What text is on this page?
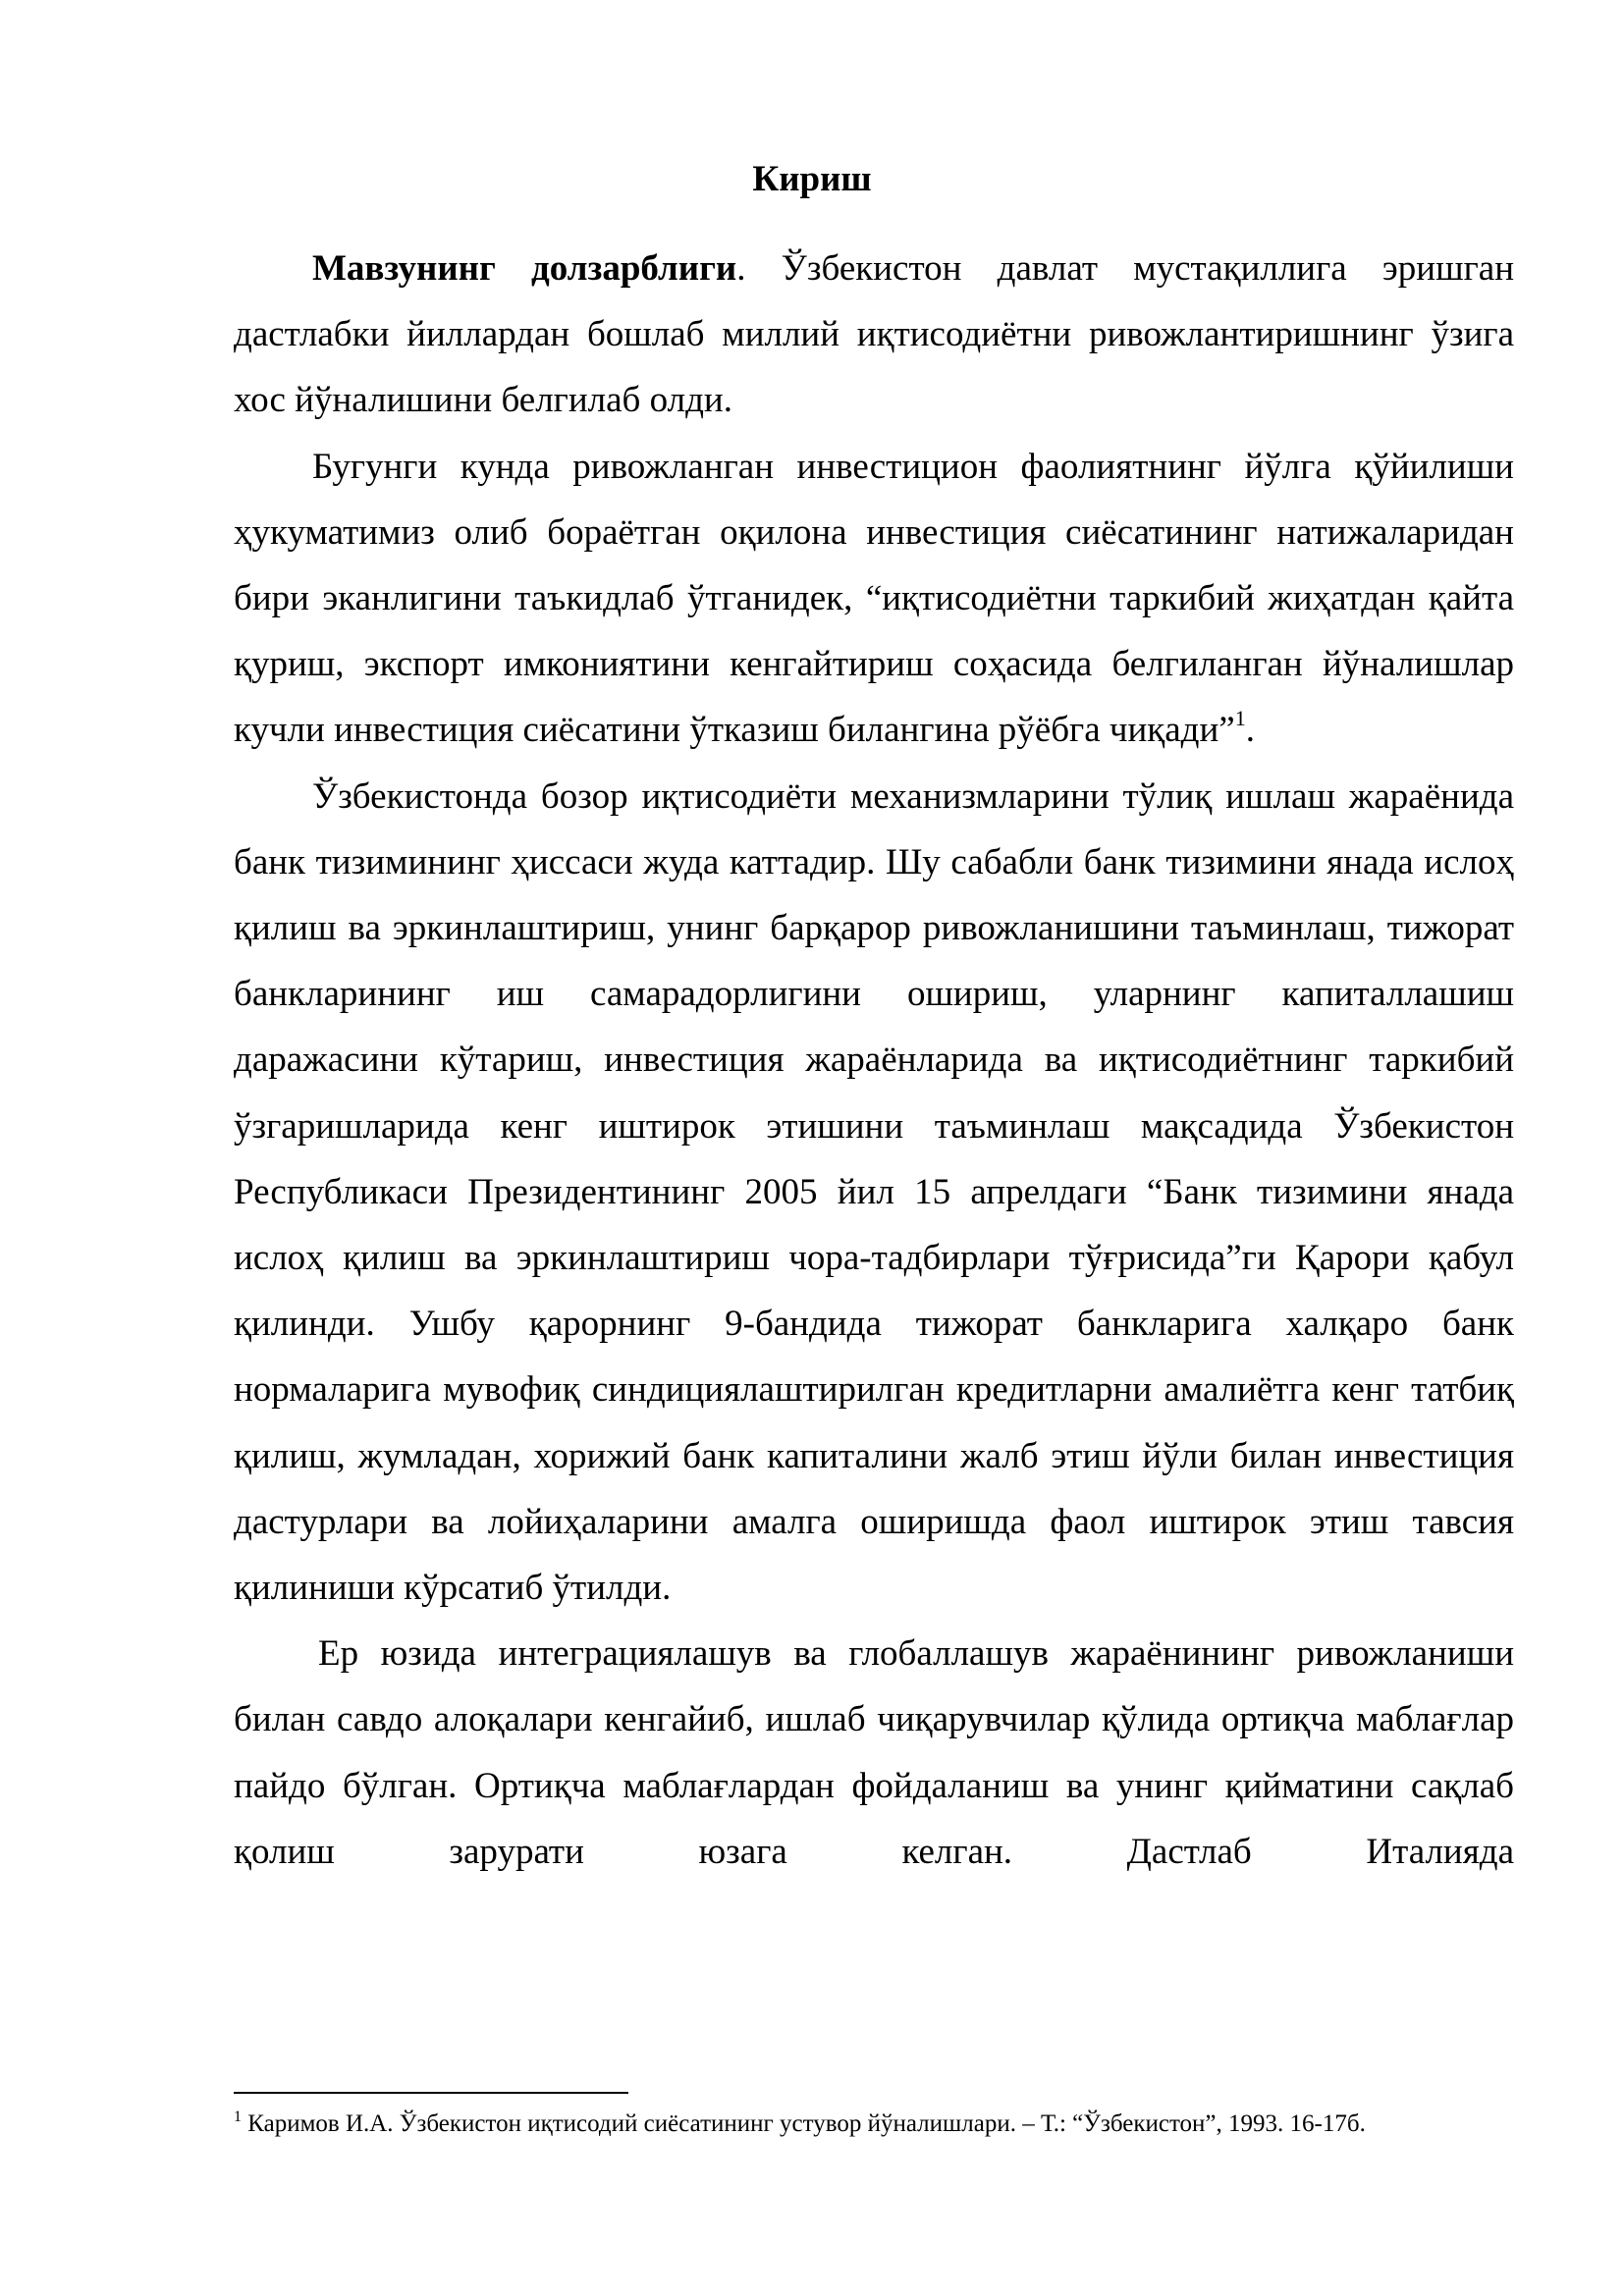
Кириш

Мавзунинг долзарблиги. Ўзбекистон давлат мустақиллига эришган дастлабки йиллардан бошлаб миллий иқтисодиётни ривожлантиришнинг ўзига хос йўналишини белгилаб олди.

Бугунги кунда ривожланган инвестицион фаолиятнинг йўлга қўйилиши ҳукуматимиз олиб бораётган оқилона инвестиция сиёсатининг натижаларидан бири эканлигини таъкидлаб ўтганидек, “иқтисодиётни таркибий жиҳатдан қайта қуриш, экспорт имкониятини кенгайтириш соҳасида белгиланган йўналишлар кучли инвестиция сиёсатини ўтказиш билангина рўёбга чиқади”$^1$.

Ўзбекистонда бозор иқтисодиёти механизмларини тўлиқ ишлаш жараёнида банк тизимининг ҳиссаси жуда каттадир. Шу сабабли банк тизимини янада ислоҳ қилиш ва эркинлаштириш, унинг барқарор ривожланишини таъминлаш, тижорат банкларининг иш самарадорлигини ошириш, уларнинг капиталлашиш даражасини кўтариш, инвестиция жараёнларида ва иқтисодиётнинг таркибий ўзгаришларида кенг иштирок этишини таъминлаш мақсадида Ўзбекистон Республикаси Президентининг 2005 йил 15 апрелдаги “Банк тизимини янада ислоҳ қилиш ва эркинлаштириш чора-тадбирлари тўғрисида”ги Қарори қабул қилинди. Ушбу қарорнинг 9-бандида тижорат банкларига халқаро банк нормаларига мувофиқ синдициялаштирилган кредитларни амалиётга кенг татбиқ қилиш, жумладан, хорижий банк капиталини жалб этиш йўли билан инвестиция дастурлари ва лойиҳаларини амалга оширишда фаол иштирок этиш тавсия қилиниши кўрсатиб ўтилди.

Ер юзида интеграциялашув ва глобаллашув жараёнининг ривожланиши билан савдо алоқалари кенгайиб, ишлаб чиқарувчилар қўлида ортиқча маблағлар пайдо бўлган. Ортиқча маблағлардан фойдаланиш ва унинг қийматини сақлаб қолиш зарурати юзага келган. Дастлаб Италияда

$^1$ Каримов И.А. Ўзбекистон иқтисодий сиёсатининг устувор йўналишлари. – Т.: “Ўзбекистон”, 1993. 16-17б.
